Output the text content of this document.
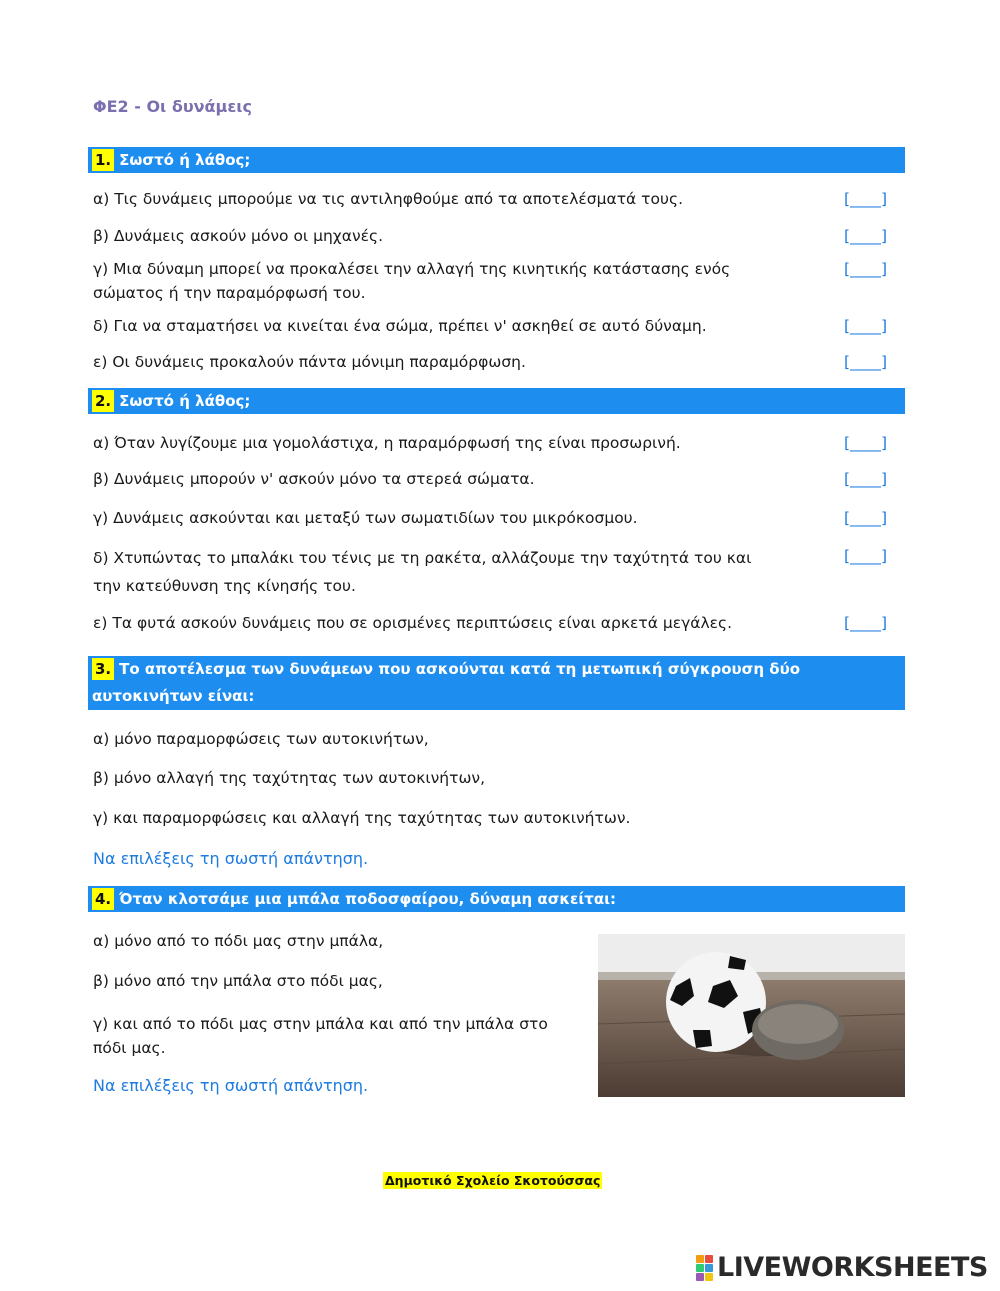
ΦΕ2 - Οι δυνάμεις
1. Σωστό ή λάθος;
α) Τις δυνάμεις μπορούμε να τις αντιληφθούμε από τα αποτελέσματά τους.	[____]
β) Δυνάμεις ασκούν μόνο οι μηχανές.	[____]
γ) Μια δύναμη μπορεί να προκαλέσει την αλλαγή της κινητικής κατάστασης ενός σώματος ή την παραμόρφωσή του.
[____]
δ) Για να σταματήσει να κινείται ένα σώμα, πρέπει ν' ασκηθεί σε αυτό δύναμη.	[____]
ε) Οι δυνάμεις προκαλούν πάντα μόνιμη παραμόρφωση.	[____]
2. Σωστό ή λάθος;
α) Όταν λυγίζουμε μια γομολάστιχα, η παραμόρφωσή της είναι προσωρινή.	[____]
β) Δυνάμεις μπορούν ν' ασκούν μόνο τα στερεά σώματα.	[____]
γ) Δυνάμεις ασκούνται και μεταξύ των σωματιδίων του μικρόκοσμου.	[____]
δ) Χτυπώντας το μπαλάκι του τένις με τη ρακέτα, αλλάζουμε την ταχύτητά του και την κατεύθυνση της κίνησής του.
[____]
ε) Τα φυτά ασκούν δυνάμεις που σε ορισμένες περιπτώσεις είναι αρκετά μεγάλες.	[____]
3. Το αποτέλεσμα των δυνάμεων που ασκούνται κατά τη μετωπική σύγκρουση δύο αυτοκινήτων είναι:
α) μόνο παραμορφώσεις των αυτοκινήτων,
β) μόνο αλλαγή της ταχύτητας των αυτοκινήτων,
γ) και παραμορφώσεις και αλλαγή της ταχύτητας των αυτοκινήτων.
Να επιλέξεις τη σωστή απάντηση.
4. Όταν κλοτσάμε μια μπάλα ποδοσφαίρου, δύναμη ασκείται:
α) μόνο από το πόδι μας στην μπάλα,
β) μόνο από την μπάλα στο πόδι μας,
γ) και από το πόδι μας στην μπάλα και από την μπάλα στο πόδι μας.
Να επιλέξεις τη σωστή απάντηση.
Δημοτικό Σχολείο Σκοτούσσας
LIVEWORKSHEETS
